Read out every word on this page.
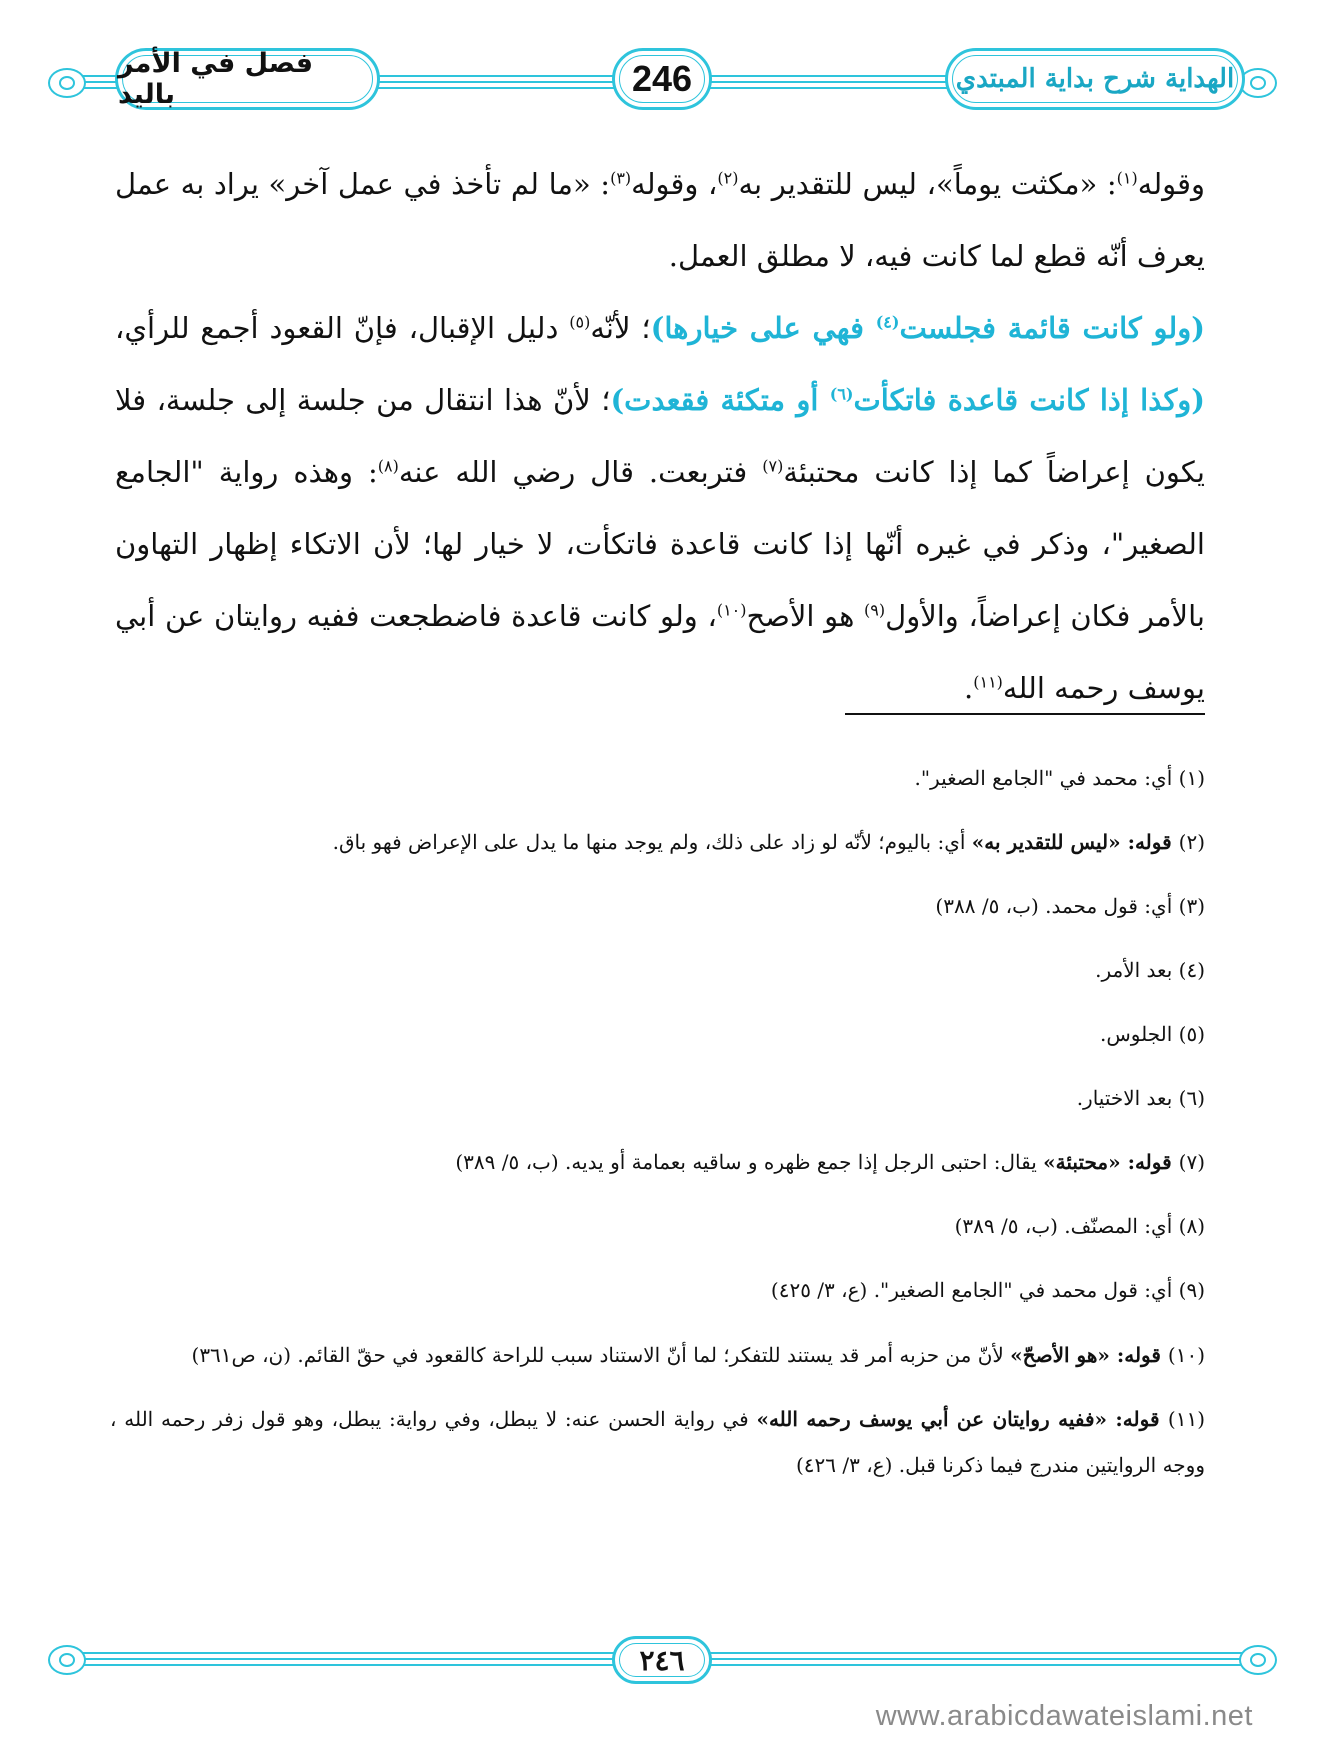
فصل في الأمر باليد	246	الهداية شرح بداية المبتدي

وقوله$^{(١)}$: «مكثت يوماً»، ليس للتقدير به$^{(٢)}$، وقوله$^{(٣)}$: «ما لم تأخذ في عمل آخر» يراد به عمل يعرف أنّه قطع لما كانت فيه، لا مطلق العمل.

(ولو كانت قائمة فجلست$^{(٤)}$ فهي على خيارها)؛ لأنّه$^{(٥)}$ دليل الإقبال، فإنّ القعود أجمع للرأي، (وكذا إذا كانت قاعدة فاتكأت$^{(٦)}$ أو متكئة فقعدت)؛ لأنّ هذا انتقال من جلسة إلى جلسة، فلا يكون إعراضاً كما إذا كانت محتبئة$^{(٧)}$ فتربعت. قال رضي الله عنه$^{(٨)}$: وهذه رواية "الجامع الصغير"، وذكر في غيره أنّها إذا كانت قاعدة فاتكأت، لا خيار لها؛ لأن الاتكاء إظهار التهاون بالأمر فكان إعراضاً، والأول$^{(٩)}$ هو الأصح$^{(١٠)}$، ولو كانت قاعدة فاضطجعت ففيه روايتان عن أبي يوسف رحمه الله$^{(١١)}$.

(١) أي: محمد في "الجامع الصغير".

(٢) قوله: «ليس للتقدير به» أي: باليوم؛ لأنّه لو زاد على ذلك، ولم يوجد منها ما يدل على الإعراض فهو باق.

(٣) أي: قول محمد. (ب، ٥/ ٣٨٨)

(٤) بعد الأمر.

(٥) الجلوس.

(٦) بعد الاختيار.

(٧) قوله: «محتبئة» يقال: احتبى الرجل إذا جمع ظهره و ساقيه بعمامة أو يديه. (ب، ٥/ ٣٨٩)

(٨) أي: المصنّف. (ب، ٥/ ٣٨٩)

(٩) أي: قول محمد في "الجامع الصغير". (ع، ٣/ ٤٢٥)

(١٠) قوله: «هو الأصحّ» لأنّ من حزبه أمر قد يستند للتفكر؛ لما أنّ الاستناد سبب للراحة كالقعود في حقّ القائم. (ن، ص٣٦١)

(١١) قوله: «ففيه روايتان عن أبي يوسف رحمه الله» في رواية الحسن عنه: لا يبطل، وفي رواية: يبطل، وهو قول زفر رحمه الله ، ووجه الروايتين مندرج فيما ذكرنا قبل. (ع، ٣/ ٤٢٦)

٢٤٦
www.arabicdawateislami.net
